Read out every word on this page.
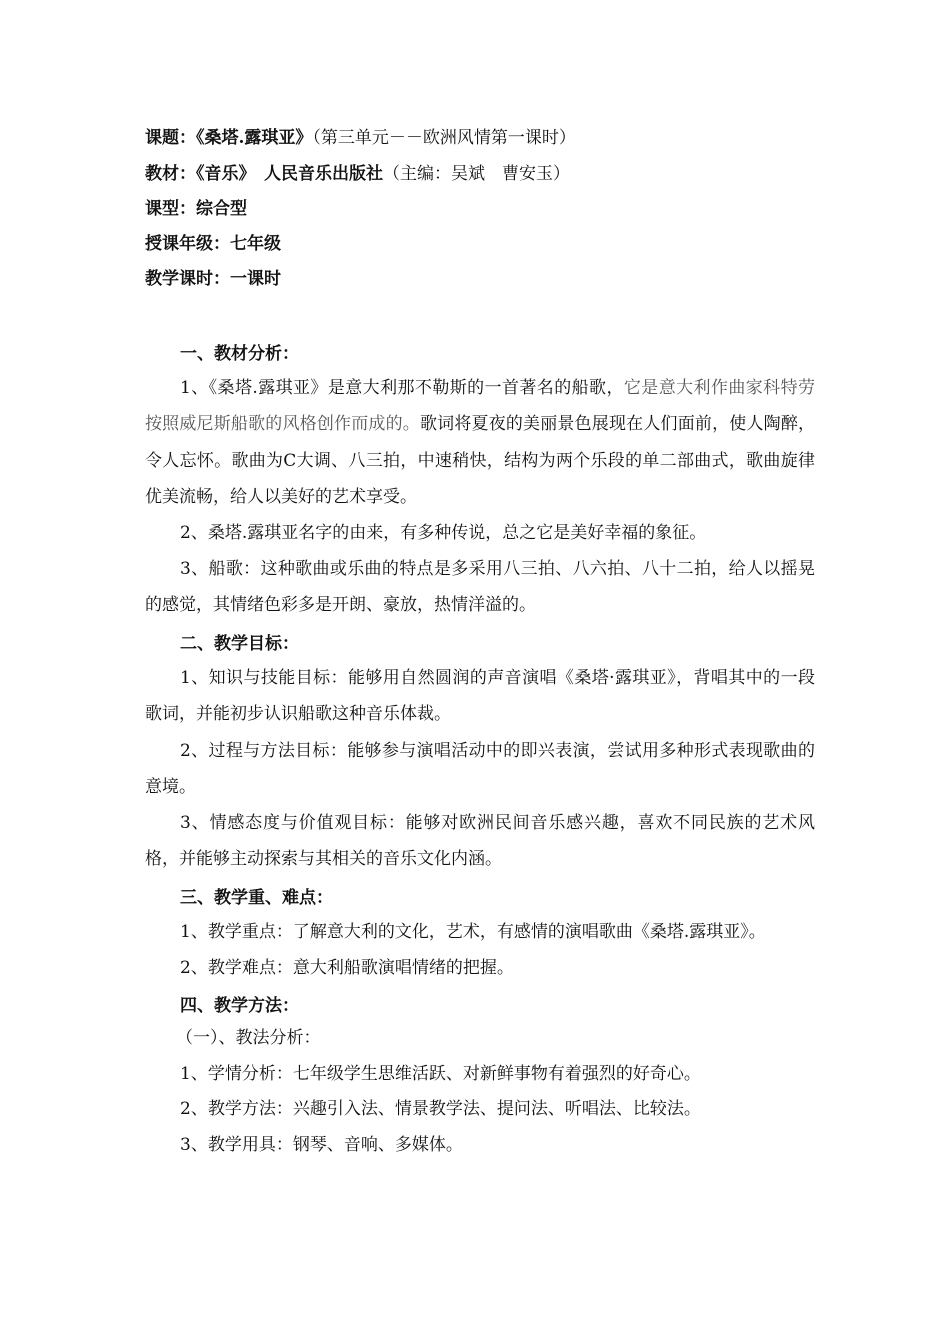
课题：《桑塔.露琪亚》（第三单元－－欧洲风情第一课时）
教材：《音乐》　人民音乐出版社（主编：吴斌　曹安玉）
课型：综合型
授课年级：七年级
教学课时：一课时
一、教材分析：
1、《桑塔.露琪亚》是意大利那不勒斯的一首著名的船歌，它是意大利作曲家科特劳按照威尼斯船歌的风格创作而成的。歌词将夏夜的美丽景色展现在人们面前，使人陶醉，令人忘怀。歌曲为C大调、八三拍，中速稍快，结构为两个乐段的单二部曲式，歌曲旋律优美流畅，给人以美好的艺术享受。
2、桑塔.露琪亚名字的由来，有多种传说，总之它是美好幸福的象征。
3、船歌：这种歌曲或乐曲的特点是多采用八三拍、八六拍、八十二拍，给人以摇晃的感觉，其情绪色彩多是开朗、豪放，热情洋溢的。
二、教学目标：
1、知识与技能目标：能够用自然圆润的声音演唱《桑塔·露琪亚》，背唱其中的一段歌词，并能初步认识船歌这种音乐体裁。
2、过程与方法目标：能够参与演唱活动中的即兴表演，尝试用多种形式表现歌曲的意境。
3、情感态度与价值观目标：能够对欧洲民间音乐感兴趣，喜欢不同民族的艺术风格，并能够主动探索与其相关的音乐文化内涵。
三、教学重、难点：
1、教学重点：了解意大利的文化，艺术，有感情的演唱歌曲《桑塔.露琪亚》。
2、教学难点：意大利船歌演唱情绪的把握。
四、教学方法：
（一）、教法分析：
1、学情分析：七年级学生思维活跃、对新鲜事物有着强烈的好奇心。
2、教学方法：兴趣引入法、情景教学法、提问法、听唱法、比较法。
3、教学用具：钢琴、音响、多媒体。
